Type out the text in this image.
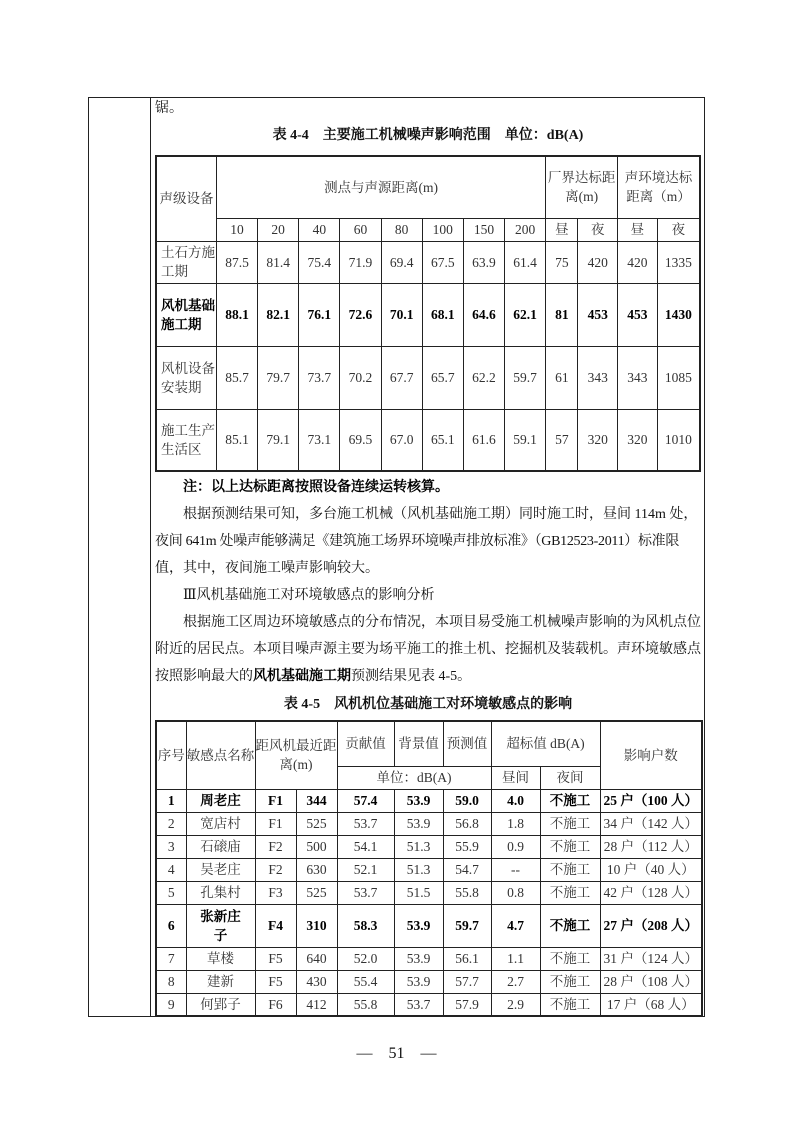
锯。
表 4-4　主要施工机械噪声影响范围　单位：dB(A)
声级设备	测点与声源距离(m)								厂界达标距离(m)		声环境达标距离（m）	
	10	20	40	60	80	100	150	200	昼	夜	昼	夜
土石方施工期	87.5	81.4	75.4	71.9	69.4	67.5	63.9	61.4	75	420	420	1335
风机基础施工期	88.1	82.1	76.1	72.6	70.1	68.1	64.6	62.1	81	453	453	1430
风机设备安装期	85.7	79.7	73.7	70.2	67.7	65.7	62.2	59.7	61	343	343	1085
施工生产生活区	85.1	79.1	73.1	69.5	67.0	65.1	61.6	59.1	57	320	320	1010
注：以上达标距离按照设备连续运转核算。
根据预测结果可知，多台施工机械（风机基础施工期）同时施工时，昼间 114m 处，
夜间 641m 处噪声能够满足《建筑施工场界环境噪声排放标准》（GB12523-2011）标准限
值，其中，夜间施工噪声影响较大。
Ⅲ风机基础施工对环境敏感点的影响分析
根据施工区周边环境敏感点的分布情况，本项目易受施工机械噪声影响的为风机点位
附近的居民点。本项目噪声源主要为场平施工的推土机、挖掘机及装载机。声环境敏感点
按照影响最大的风机基础施工期预测结果见表 4-5。
表 4-5　风机机位基础施工对环境敏感点的影响
序号	敏感点名称	距风机最近距离(m)		贡献值	背景值	预测值	超标值 dB(A)		影响户数
				单位：dB(A)			昼间	夜间	
1	周老庄	F1	344	57.4	53.9	59.0	4.0	不施工	25 户（100 人）
2	宽店村	F1	525	53.7	53.9	56.8	1.8	不施工	34 户（142 人）
3	石磙庙	F2	500	54.1	51.3	55.9	0.9	不施工	28 户（112 人）
4	吴老庄	F2	630	52.1	51.3	54.7	--	不施工	10 户（40 人）
5	孔集村	F3	525	53.7	51.5	55.8	0.8	不施工	42 户（128 人）
6	张新庄子	F4	310	58.3	53.9	59.7	4.7	不施工	27 户（208 人）
7	草楼	F5	640	52.0	53.9	56.1	1.1	不施工	31 户（124 人）
8	建新	F5	430	55.4	53.9	57.7	2.7	不施工	28 户（108 人）
9	何郢子	F6	412	55.8	53.7	57.9	2.9	不施工	17 户（68 人）
—　51　—
